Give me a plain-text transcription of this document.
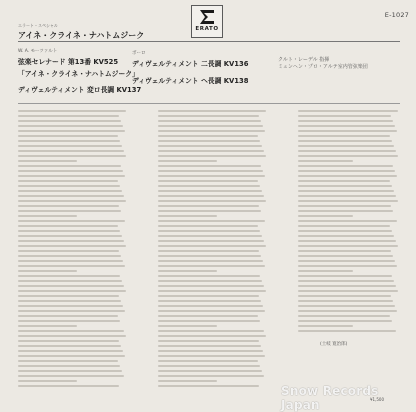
ERATO
E-1027
エラート・スペシャル
アイネ・クライネ・ナハトムジーク
W. A. モーツァルト
弦楽セレナード 第13番 KV525
「アイネ・クライネ・ナハトムジーク」
ディヴェルティメント 変ロ長調 KV137
ボーロ
ディヴェルティメント 二長調 KV136
ディヴェルティメント へ長調 KV138
クルト・レーデル 指揮
ミュンヘン・プロ・アルテ室内管弦楽団
(土岐 寛治郎)
¥1,500
Snow Records Japan
